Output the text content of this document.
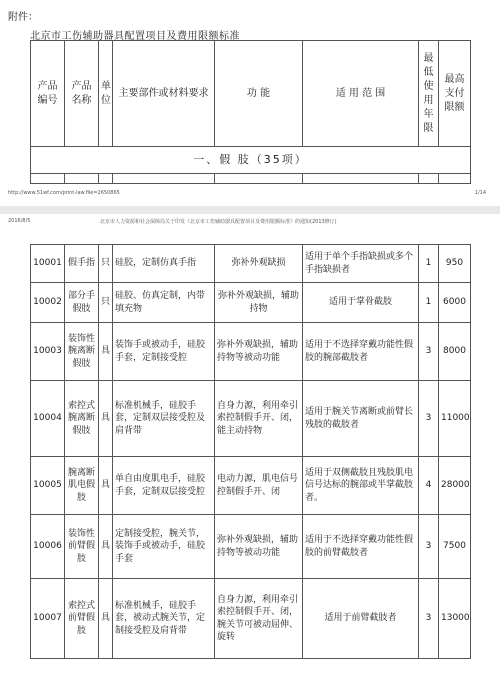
附件：
北京市工伤辅助器具配置项目及费用限额标准
产品编号	产品名称	单位	主要部件或材料要求	功 能	适 用 范 围	最低使用年限	最高支付限额
一、假 肢（35项）							

http://www.51wf.com/print-law.file=2650865	1/14
2016/8/5	北京市人力资源和社会保障局关于印发《北京市工伤辅助器具配置项目及费用限额标准》的通知(2013修订)
10001	假手指	只	硅胶，定制仿真手指	弥补外观缺损	适用于单个手指缺损或多个手指缺损者	1	950
10002	部分手假肢	只	硅胶、仿真定制，内带填充物	弥补外观缺损，辅助持物	适用于掌骨截肢	1	6000
10003	装饰性腕离断假肢	具	装饰手或被动手，硅胶手套，定制接受腔	弥补外观缺损，辅助持物等被动功能	适用于不选择穿戴功能性假肢的腕部截肢者	3	8000
10004	索控式腕离断假肢	具	标准机械手，硅胶手套，定制双层接受腔及肩背带	自身力源，利用牵引索控制假手开、闭，能主动持物	适用于腕关节离断或前臂长残肢的截肢者	3	11000
10005	腕离断肌电假肢	具	单自由度肌电手，硅胶手套，定制双层接受腔	电动力源，肌电信号控制假手开、闭	适用于双侧截肢且残肢肌电信号达标的腕部或半掌截肢者。	4	28000
10006	装饰性前臂假肢	具	定制接受腔，腕关节，装饰手或被动手，硅胶手套	弥补外观缺损，辅助持物等被动功能	适用于不选择穿戴功能性假肢的前臂截肢者	3	7500
10007	索控式前臂假肢	具	标准机械手，硅胶手套，被动式腕关节，定制接受腔及肩背带	自身力源，利用牵引索控制假手开、闭，腕关节可被动屈伸、旋转	适用于前臂截肢者	3	13000
